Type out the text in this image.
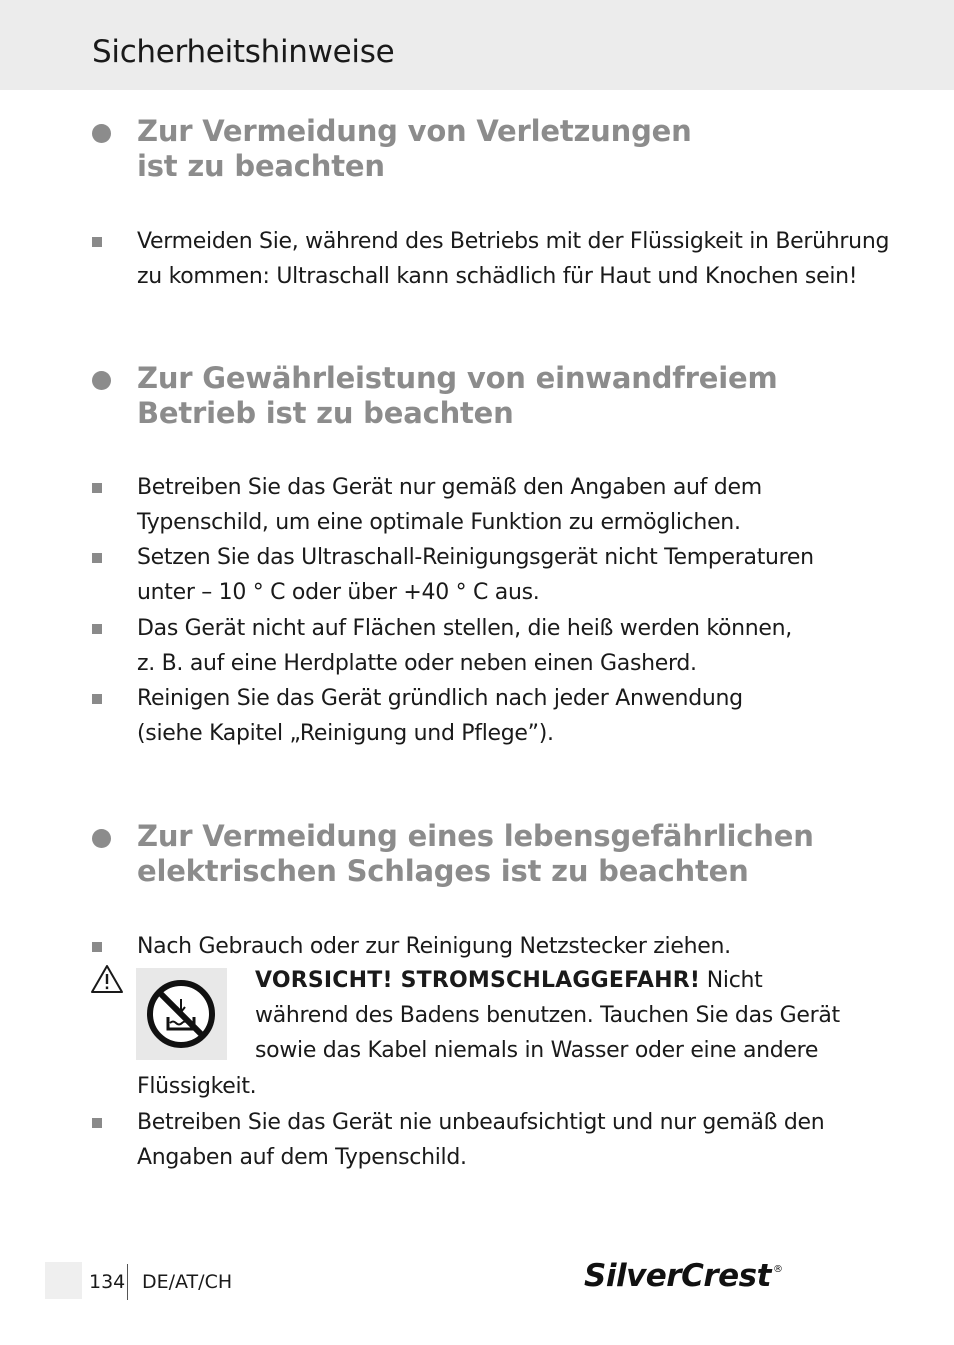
Sicherheitshinweise
Zur Vermeidung von Verletzungen
ist zu beachten

Vermeiden Sie, während des Betriebs mit der Flüssigkeit in Berührung
zu kommen: Ultraschall kann schädlich für Haut und Knochen sein!

Zur Gewährleistung von einwandfreiem
Betrieb ist zu beachten

Betreiben Sie das Gerät nur gemäß den Angaben auf dem
Typenschild, um eine optimale Funktion zu ermöglichen.

Setzen Sie das Ultraschall-Reinigungsgerät nicht Temperaturen
unter – 10 ° C oder über +40 ° C aus.

Das Gerät nicht auf Flächen stellen, die heiß werden können,
z. B. auf eine Herdplatte oder neben einen Gasherd.

Reinigen Sie das Gerät gründlich nach jeder Anwendung
(siehe Kapitel „Reinigung und Pflege”).

Zur Vermeidung eines lebensgefährlichen
elektrischen Schlages ist zu beachten

Nach Gebrauch oder zur Reinigung Netzstecker ziehen.

VORSICHT! STROMSCHLAGGEFAHR! Nicht
während des Badens benutzen. Tauchen Sie das Gerät
sowie das Kabel niemals in Wasser oder eine andere

Flüssigkeit.

Betreiben Sie das Gerät nie unbeaufsichtigt und nur gemäß den
Angaben auf dem Typenschild.

134 DE/AT/CH	SilverCrest ®
